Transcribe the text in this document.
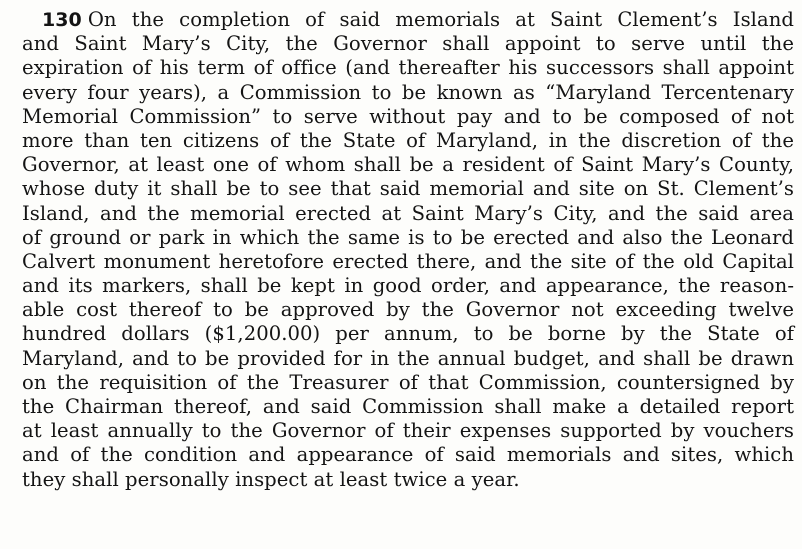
130 On the completion of said memorials at Saint Clement’s Island
and Saint Mary’s City, the Governor shall appoint to serve until the
expiration of his term of office (and thereafter his successors shall appoint
every four years), a Commission to be known as “Maryland Tercentenary
Memorial Commission” to serve without pay and to be composed of not
more than ten citizens of the State of Maryland, in the discretion of the
Governor, at least one of whom shall be a resident of Saint Mary’s County,
whose duty it shall be to see that said memorial and site on St. Clement’s
Island, and the memorial erected at Saint Mary’s City, and the said area
of ground or park in which the same is to be erected and also the Leonard
Calvert monument heretofore erected there, and the site of the old Capital
and its markers, shall be kept in good order, and appearance, the reason-
able cost thereof to be approved by the Governor not exceeding twelve
hundred dollars ($1,200.00) per annum, to be borne by the State of
Maryland, and to be provided for in the annual budget, and shall be drawn
on the requisition of the Treasurer of that Commission, countersigned by
the Chairman thereof, and said Commission shall make a detailed report
at least annually to the Governor of their expenses supported by vouchers
and of the condition and appearance of said memorials and sites, which
they shall personally inspect at least twice a year.
